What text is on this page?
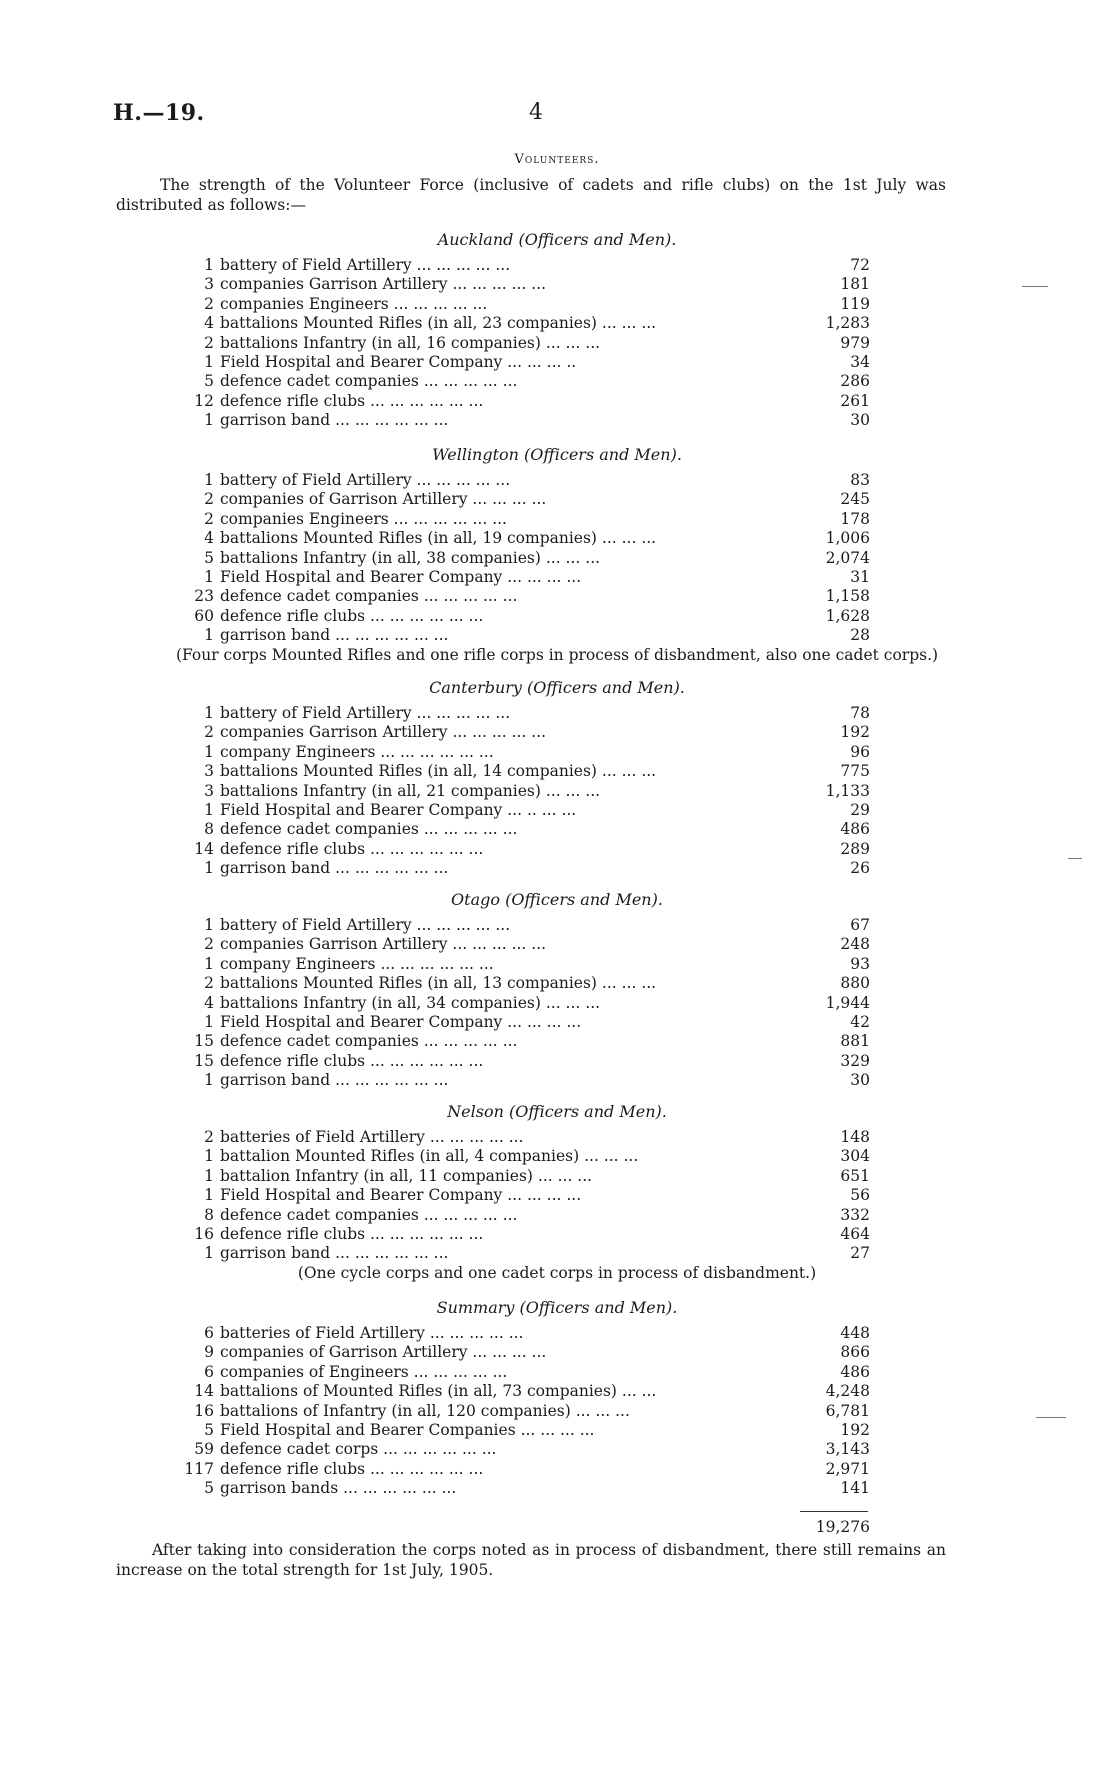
H.—19.	4
Volunteers.
The strength of the Volunteer Force (inclusive of cadets and rifle clubs) on the 1st July was distributed as follows:—
Auckland (Officers and Men).
1 battery of Field Artillery ... ... ... ... ...	72
3 companies Garrison Artillery ... ... ... ... ...	181
2 companies Engineers ... ... ... ... ...	119
4 battalions Mounted Rifles (in all, 23 companies) ... ... ...	1,283
2 battalions Infantry (in all, 16 companies) ... ... ...	979
1 Field Hospital and Bearer Company ... ... ... ..	34
5 defence cadet companies ... ... ... ... ...	286
12 defence rifle clubs ... ... ... ... ... ...	261
1 garrison band ... ... ... ... ... ...	30
Wellington (Officers and Men).
1 battery of Field Artillery ... ... ... ... ...	83
2 companies of Garrison Artillery ... ... ... ...	245
2 companies Engineers ... ... ... ... ... ...	178
4 battalions Mounted Rifles (in all, 19 companies) ... ... ...	1,006
5 battalions Infantry (in all, 38 companies) ... ... ...	2,074
1 Field Hospital and Bearer Company ... ... ... ...	31
23 defence cadet companies ... ... ... ... ...	1,158
60 defence rifle clubs ... ... ... ... ... ...	1,628
1 garrison band ... ... ... ... ... ...	28
(Four corps Mounted Rifles and one rifle corps in process of disbandment, also one cadet corps.)
Canterbury (Officers and Men).
1 battery of Field Artillery ... ... ... ... ...	78
2 companies Garrison Artillery ... ... ... ... ...	192
1 company Engineers ... ... ... ... ... ...	96
3 battalions Mounted Rifles (in all, 14 companies) ... ... ...	775
3 battalions Infantry (in all, 21 companies) ... ... ...	1,133
1 Field Hospital and Bearer Company ... .. ... ...	29
8 defence cadet companies ... ... ... ... ...	486
14 defence rifle clubs ... ... ... ... ... ...	289
1 garrison band ... ... ... ... ... ...	26
Otago (Officers and Men).
1 battery of Field Artillery ... ... ... ... ...	67
2 companies Garrison Artillery ... ... ... ... ...	248
1 company Engineers ... ... ... ... ... ...	93
2 battalions Mounted Rifles (in all, 13 companies) ... ... ...	880
4 battalions Infantry (in all, 34 companies) ... ... ...	1,944
1 Field Hospital and Bearer Company ... ... ... ...	42
15 defence cadet companies ... ... ... ... ...	881
15 defence rifle clubs ... ... ... ... ... ...	329
1 garrison band ... ... ... ... ... ...	30
Nelson (Officers and Men).
2 batteries of Field Artillery ... ... ... ... ...	148
1 battalion Mounted Rifles (in all, 4 companies) ... ... ...	304
1 battalion Infantry (in all, 11 companies) ... ... ...	651
1 Field Hospital and Bearer Company ... ... ... ...	56
8 defence cadet companies ... ... ... ... ...	332
16 defence rifle clubs ... ... ... ... ... ...	464
1 garrison band ... ... ... ... ... ...	27
(One cycle corps and one cadet corps in process of disbandment.)
Summary (Officers and Men).
6 batteries of Field Artillery ... ... ... ... ...	448
9 companies of Garrison Artillery ... ... ... ...	866
6 companies of Engineers ... ... ... ... ...	486
14 battalions of Mounted Rifles (in all, 73 companies) ... ...	4,248
16 battalions of Infantry (in all, 120 companies) ... ... ...	6,781
5 Field Hospital and Bearer Companies ... ... ... ...	192
59 defence cadet corps ... ... ... ... ... ...	3,143
117 defence rifle clubs ... ... ... ... ... ...	2,971
5 garrison bands ... ... ... ... ... ...	141
19,276
After taking into consideration the corps noted as in process of disbandment, there still remains an increase on the total strength for 1st July, 1905.
